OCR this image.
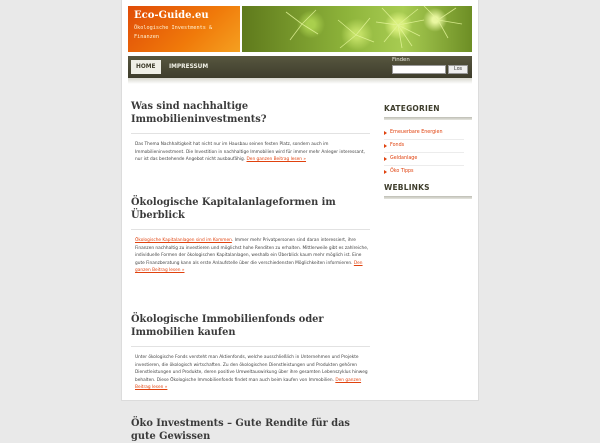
Eco-Guide.eu
Ökologische Investments & Finanzen
HOME	IMPRESSUM
Finden
Los
Was sind nachhaltige Immobilieninvestments?

Das Thema Nachhaltigkeit hat nicht nur im Hausbau seinen festen Platz, sondern auch im Immobilieninvestment. Die Investition in nachhaltige Immobilien wird für immer mehr Anleger interessant, nur ist das bestehende Angebot nicht ausbaufähig. Den ganzen Beitrag lesen »

Ökologische Kapitalanlageformen im Überblick

Ökologische Kapitalanlagen sind im Kommen. Immer mehr Privatpersonen sind daran interessiert, ihre Finanzen nachhaltig zu investieren und möglichst hohe Renditen zu erhalten. Mittlerweile gibt es zahlreiche, individuelle Formen der ökologischen Kapitalanlagen, weshalb ein Überblick kaum mehr möglich ist. Eine gute Finanzberatung kann als erste Anlaufstelle über die verschiedensten Möglichkeiten informieren. Den ganzen Beitrag lesen »

Ökologische Immobilienfonds oder Immobilien kaufen

Unter ökologische Fonds versteht man Aktienfonds, welche ausschließlich in Unternehmen und Projekte investieren, die ökologisch wirtschaften. Zu den ökologischen Dienstleistungen und Produkten gehören Dienstleistungen und Produkte, deren positive Umweltauswirkung über ihre gesamten Lebenszyklus hinweg behalten. Diese Ökologische Immobilienfonds findet man auch beim kaufen von Immobilien. Den ganzen Beitrag lesen »

Öko Investments – Gute Rendite für das gute Gewissen
KATEGORIEN
Erneuerbare Energien
Fonds
Geldanlage
Öko Tipps
WEBLINKS
